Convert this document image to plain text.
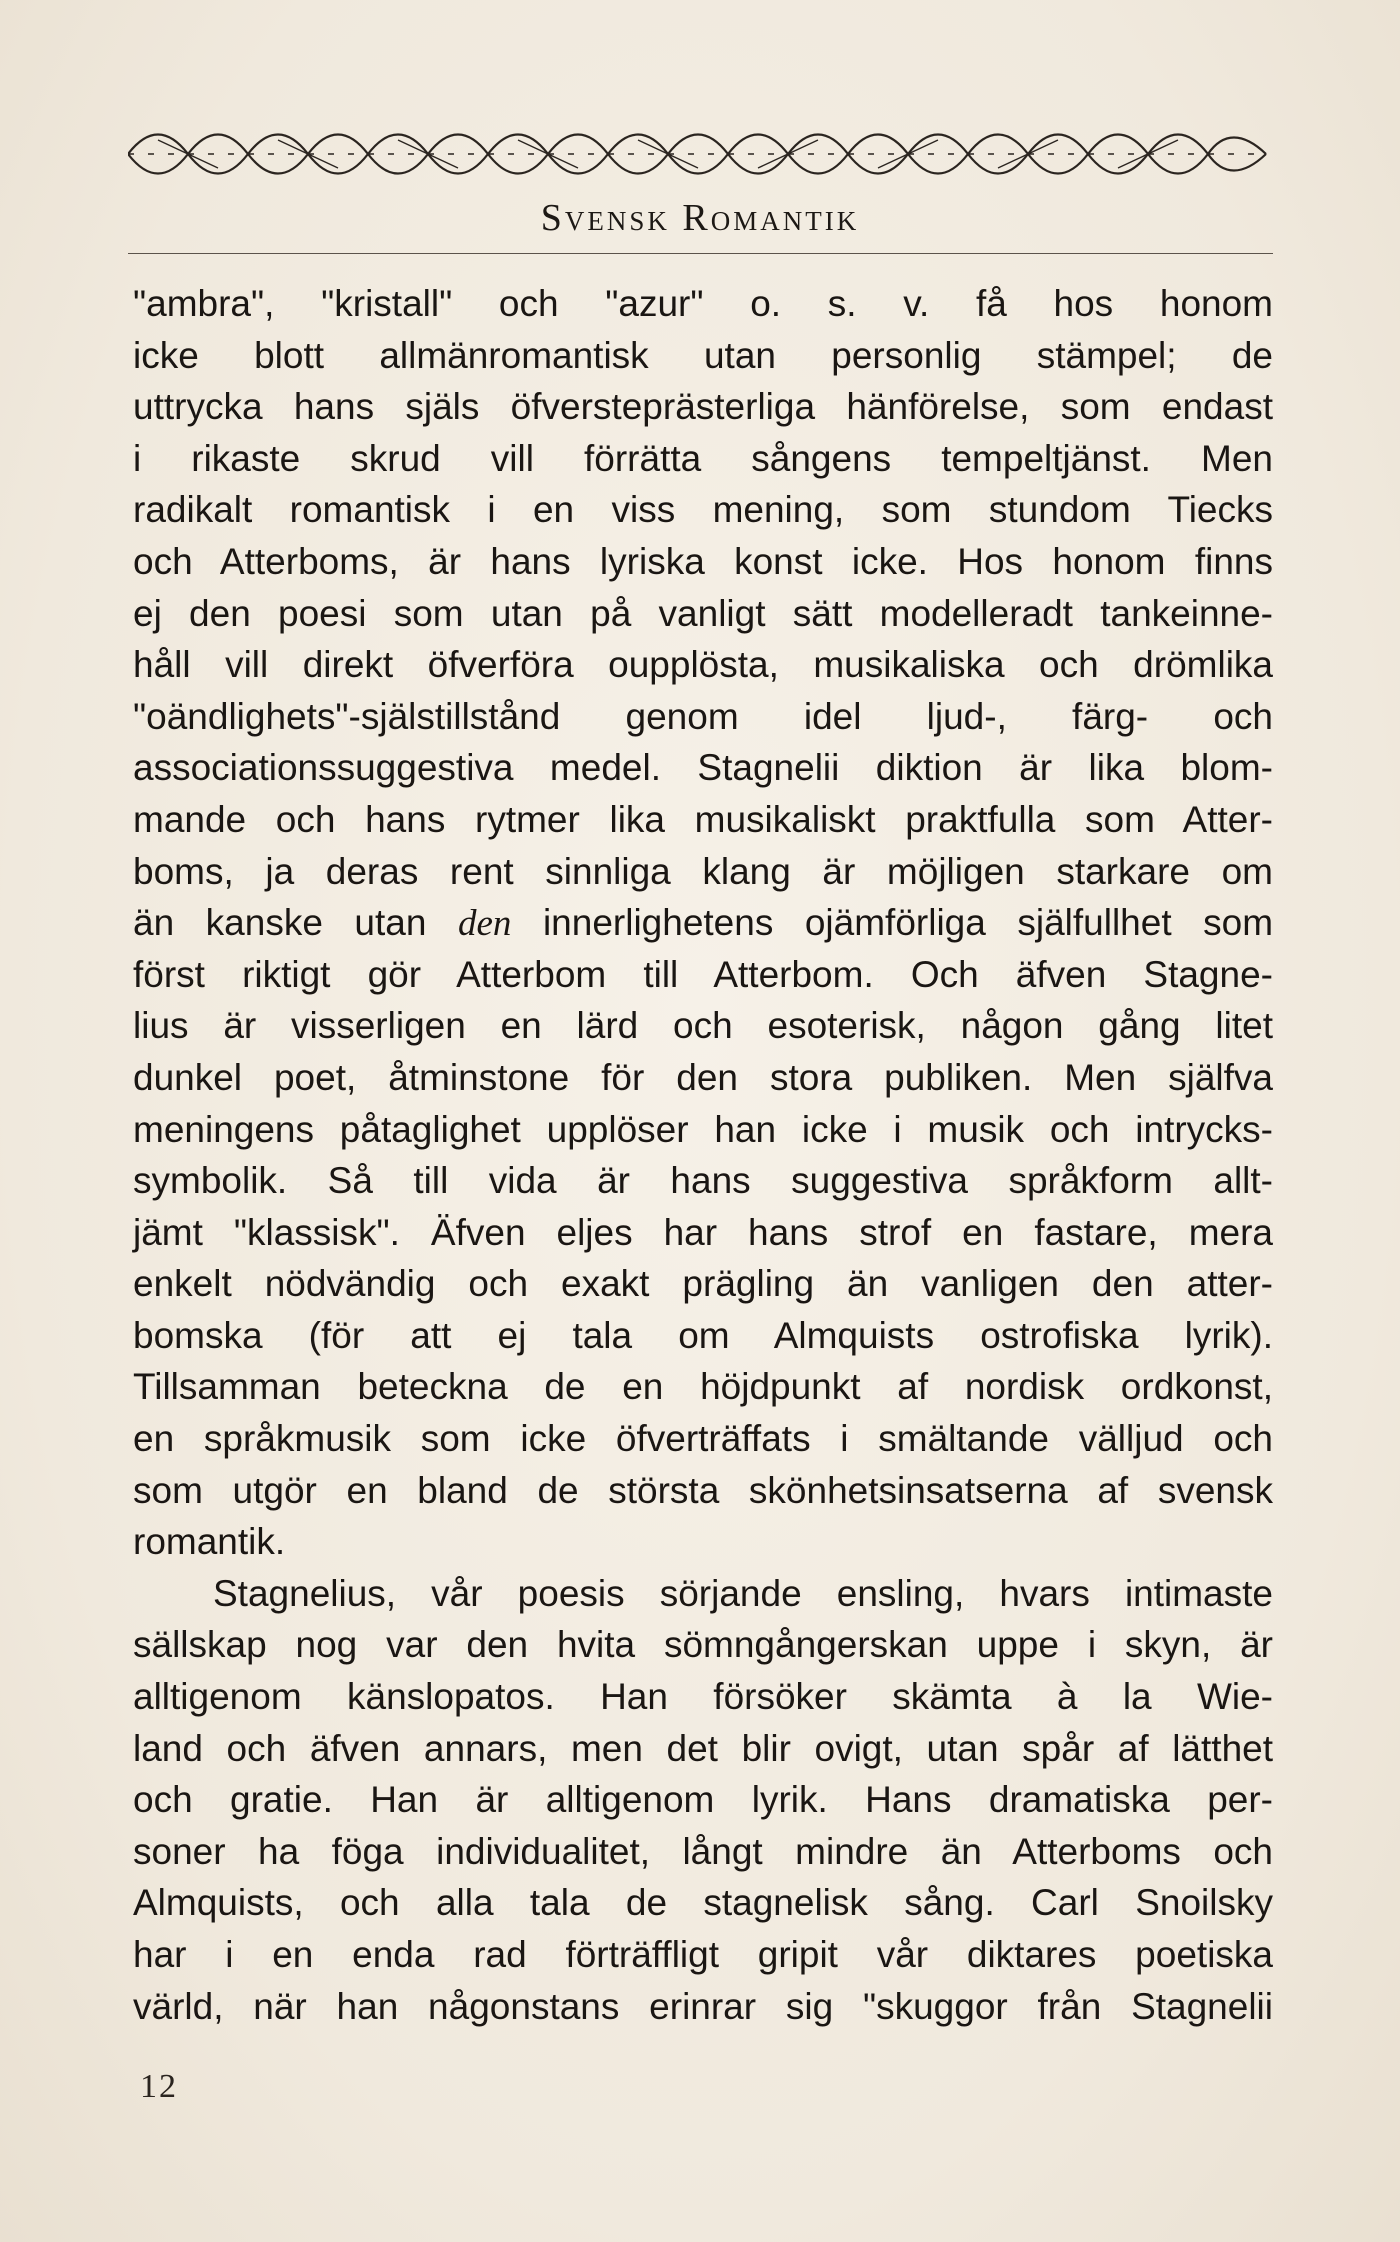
Svensk Romantik
"ambra", "kristall" och "azur" o. s. v. få hos honom
icke blott allmänromantisk utan personlig stämpel; de
uttrycka hans själs öfversteprästerliga hänförelse, som endast
i rikaste skrud vill förrätta sångens tempeltjänst. Men
radikalt romantisk i en viss mening, som stundom Tiecks
och Atterboms, är hans lyriska konst icke. Hos honom finns
ej den poesi som utan på vanligt sätt modelleradt tankeinne-
håll vill direkt öfverföra oupplösta, musikaliska och drömlika
"oändlighets"-själstillstånd genom idel ljud-, färg- och
associationssuggestiva medel. Stagnelii diktion är lika blom-
mande och hans rytmer lika musikaliskt praktfulla som Atter-
boms, ja deras rent sinnliga klang är möjligen starkare om
än kanske utan den innerlighetens ojämförliga själfullhet som
först riktigt gör Atterbom till Atterbom. Och äfven Stagne-
lius är visserligen en lärd och esoterisk, någon gång litet
dunkel poet, åtminstone för den stora publiken. Men själfva
meningens påtaglighet upplöser han icke i musik och intrycks-
symbolik. Så till vida är hans suggestiva språkform allt-
jämt "klassisk". Äfven eljes har hans strof en fastare, mera
enkelt nödvändig och exakt prägling än vanligen den atter-
bomska (för att ej tala om Almquists ostrofiska lyrik).
Tillsamman beteckna de en höjdpunkt af nordisk ordkonst,
en språkmusik som icke öfverträffats i smältande välljud och
som utgör en bland de största skönhetsinsatserna af svensk
romantik.
Stagnelius, vår poesis sörjande ensling, hvars intimaste
sällskap nog var den hvita sömngångerskan uppe i skyn, är
alltigenom känslopatos. Han försöker skämta à la Wie-
land och äfven annars, men det blir ovigt, utan spår af lätthet
och gratie. Han är alltigenom lyrik. Hans dramatiska per-
soner ha föga individualitet, långt mindre än Atterboms och
Almquists, och alla tala de stagnelisk sång. Carl Snoilsky
har i en enda rad förträffligt gripit vår diktares poetiska
värld, när han någonstans erinrar sig "skuggor från Stagnelii
12
